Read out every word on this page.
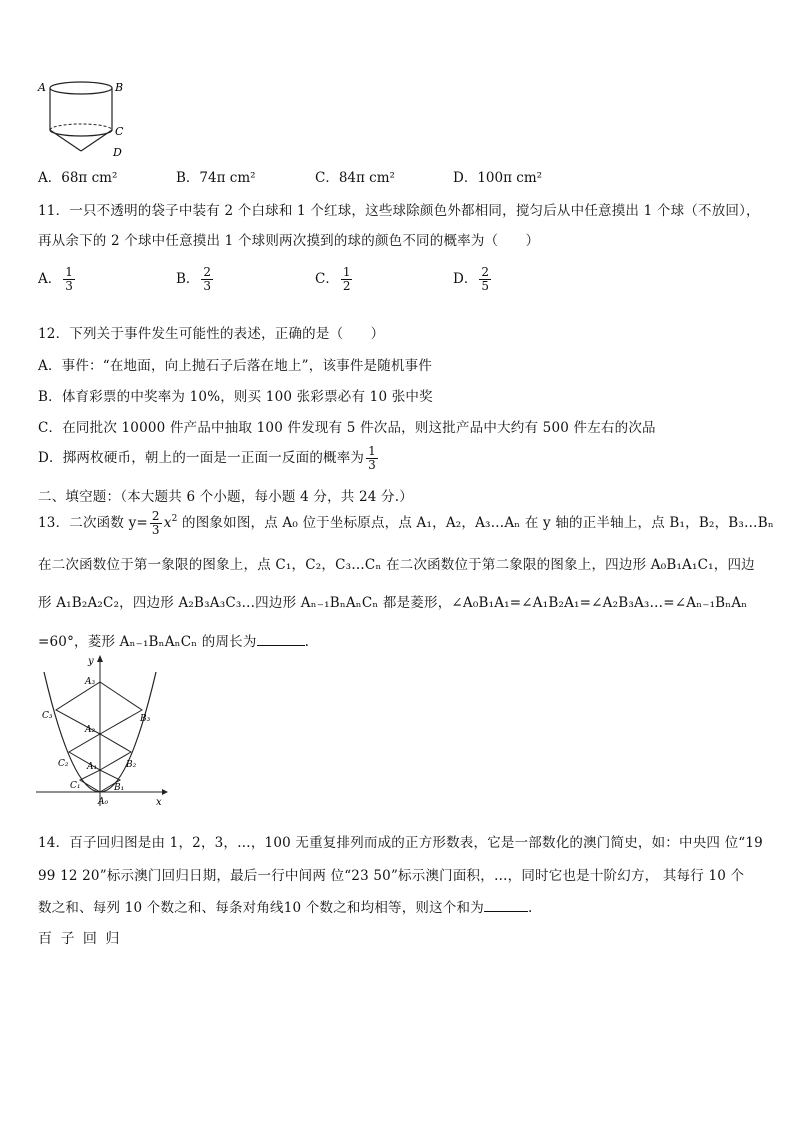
A	B
C
D
A．68π cm²	B．74π cm²	C．84π cm²	D．100π cm²
11．一只不透明的袋子中装有 2 个白球和 1 个红球，这些球除颜色外都相同，搅匀后从中任意摸出 1 个球（不放回），
再从余下的 2 个球中任意摸出 1 个球则两次摸到的球的颜色不同的概率为（　　）
A． $\frac{1}{3}$	B． $\frac{2}{3}$	C． $\frac{1}{2}$	D． $\frac{2}{5}$
12．下列关于事件发生可能性的表述，正确的是（　　）
A．事件：“在地面，向上抛石子后落在地上”，该事件是随机事件
B．体育彩票的中奖率为 10%，则买 100 张彩票必有 10 张中奖
C．在同批次 10000 件产品中抽取 100 件发现有 5 件次品，则这批产品中大约有 500 件左右的次品
D．掷两枚硬币，朝上的一面是一正面一反面的概率为 $\frac{1}{3}$
二、填空题：（本大题共 6 个小题，每小题 4 分，共 24 分.）
13．二次函数 $y= \frac{2}{3} x^2$ 的图象如图，点 A₀ 位于坐标原点，点 A₁，A₂，A₃…Aₙ 在 y 轴的正半轴上，点 B₁，B₂，B₃…Bₙ
在二次函数位于第一象限的图象上，点 C₁，C₂，C₃…Cₙ 在二次函数位于第二象限的图象上，四边形 A₀B₁A₁C₁，四边
形 A₁B₂A₂C₂，四边形 A₂B₃A₃C₃…四边形 Aₙ₋₁BₙAₙCₙ 都是菱形，∠A₀B₁A₁=∠A₁B₂A₁=∠A₂B₃A₃…=∠Aₙ₋₁BₙAₙ
=60°，菱形 Aₙ₋₁BₙAₙCₙ 的周长为	.
y
x
A₀
A₁
A₂
A₃
B₁
B₂
B₃
C₁
C₂
C₃
14．百子回归图是由 1，2，3，…，100 无重复排列而成的正方形数表，它是一部数化的澳门简史，如：中央四 位“19
99 12 20”标示澳门回归日期，最后一行中间两 位“23 50”标示澳门面积，…，同时它也是十阶幻方， 其每行 10 个
数之和、每列 10 个数之和、每条对角线10 个数之和均相等，则这个和为	.
百 子 回 归
